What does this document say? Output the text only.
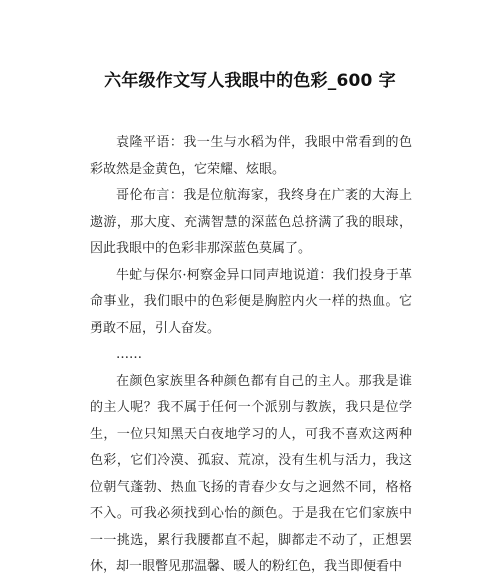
六年级作文写人我眼中的色彩_600 字

袁隆平语：我一生与水稻为伴，我眼中常看到的色彩故然是金黄色，它荣耀、炫眼。

哥伦布言：我是位航海家，我终身在广袤的大海上遨游，那大度、充满智慧的深蓝色总挤满了我的眼球，因此我眼中的色彩非那深蓝色莫属了。

牛虻与保尔·柯察金异口同声地说道：我们投身于革命事业，我们眼中的色彩便是胸腔内火一样的热血。它勇敢不屈，引人奋发。

……

在颜色家族里各种颜色都有自己的主人。那我是谁的主人呢？我不属于任何一个派别与教族，我只是位学生，一位只知黑天白夜地学习的人，可我不喜欢这两种色彩，它们冷漠、孤寂、荒凉，没有生机与活力，我这位朝气蓬勃、热血飞扬的青春少女与之迥然不同，格格不入。可我必须找到心怡的颜色。于是我在它们家族中一一挑选，累行我腰都直不起，脚都走不动了，正想罢休，却一眼瞥见那温馨、暖人的粉红色，我当即便看中
